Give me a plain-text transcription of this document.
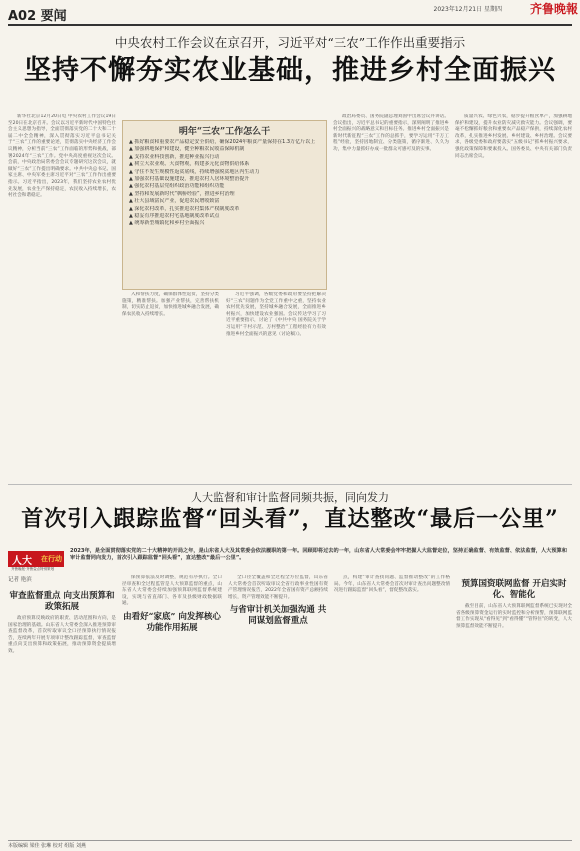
A02 要闻	2023年12月21日 星期四 齐鲁晚報
中央农村工作会议在京召开，习近平对“三农”工作作出重要指示
坚持不懈夯实农业基础，推进乡村全面振兴

新华社北京12月20日电 中央农村工作会议19日至20日在北京召开。会议以习近平新时代中国特色社会主义思想为指导，全面贯彻落实党的二十大和二十届二中全会精神，深入贯彻落实习近平总书记关于“三农”工作的重要论述，贯彻落实中央经济工作会议精神，分析当前“三农”工作面临的形势和挑战，部署2024年“三农”工作。党中央高度重视这次会议。会前，中央政治局常委会会议专题研究这次会议，就做好“三农”工作提出明确要求。中共中央总书记、国家主席、中央军委主席习近平对“三农”工作作出重要指示。习近平指出，2023年，我们坚持农业农村优先发展，农业生产保持稳定，农民收入持续增长，农村社会和谐稳定。

明年“三农”工作怎么干
▲ 抓好粮食和重要农产品稳定安全供给，确保2024年粮食产量保持在1.3万亿斤以上
▲ 加强耕地保护和建设，健全种粮农民收益保障机制
▲ 支持农业科技创新，推进种业振兴行动
▲ 树立大农业观、大食物观，构建多元化食物供给体系
▲ 守住不发生规模性返贫底线，持续增强脱贫地区内生动力
▲ 加强农村基础设施建设，推进农村人居环境整治提升
▲ 强化农村基层党组织政治功能和组织功能
▲ 坚持和发展新时代“枫桥经验”，推进乡村治理
▲ 壮大县域富民产业，促进农民增收致富
▲ 深化农村改革，扎实推进农村集体产权制度改革
▲ 稳妥有序推进农村宅基地制度改革试点
▲ 统筹新型城镇化和乡村全面振兴

入和帮扶力度，确保群体性返贫，坚持分类施策，精准帮扶。加强产业帮扶，完善帮扶机制，切实防止返贫，加快推进城乡融合发展，确保农民收入持续增长。

习近平强调，各级党委和政府要坚持把解决好“三农”问题作为全党工作重中之重，坚持农业农村优先发展，坚持城乡融合发展，全面推进乡村振兴，加快建设农业强国。会议传达学习了习近平重要指示，讨论了《中共中央 国务院关于学习运用“千村示范、万村整治”工程经验有力有效推进乡村全面振兴的意见（讨论稿）》。

政治局委员、国务院副总理刘国中出席会议并讲话。会议指出，习近平总书记的重要指示，深刻阐明了推进乡村全面振兴的战略意义和目标任务。推进乡村全面振兴是新时代新征程“三农”工作的总抓手，要学习运用“千万工程”经验，坚持因地制宜、分类施策，循序渐进、久久为功，集中力量抓好办成一批群众可感可及的实事。

质量兴农、绿色兴农，稳步提升粮食单产，加强耕地保护和建设，提升农业防灾减灾救灾能力。会议强调，要毫不松懈抓好粮食和重要农产品稳产保供，持续深化农村改革，扎实推进乡村发展、乡村建设、乡村治理。会议要求，各级党委和政府要落实“五级书记”抓乡村振兴要求，强化政策保障和要素投入。国务委员、中央有关部门负责同志出席会议。

人大监督和审计监督同频共振，同向发力
首次引入跟踪监督“回头看”，直达整改“最后一公里”
人大 在行动
齐鲁晚报·齐鲁壹点特别策划
2023年，是全面贯彻落实党的二十大精神的开局之年，是山东省人大及其常委会依法履职的第一年。回顾即将过去的一年，山东省人大常委会牢牢把握人大监督定位，坚持正确监督、有效监督、依法监督，人大预算和审计监督同向发力，首次引入跟踪监督“回头看”，直达整改“最后一公里”。
记者 艳滨
审查监督重点 向支出预算和政策拓展

政府预算反映政府的职责、活动范围和方向，是国家治理的基础。山东省人大常委会深入推进预算审查监督改革，首次听取审议全口径预算执行情况报告，连续两年开展专项审计整改跟踪监督，审查监督重点向支出预算和政策拓展，推动预算资金提质增效。

保预算依法及时调整，规范有序执行。全口径审查和全过程监管是人大预算监督的重点，山东省人大常委会持续加强预算联网监督系统建设，实现与省直部门、各市及县级财政数据联通。

由看好“家底” 向发挥核心功能作用拓展

全口径全覆盖和全过程全方位监督，山东省人大常委会首次听取审议全省行政事业性国有资产管理情况报告，2022年全省国有资产总额持续增长，资产管理效能不断提升。

与省审计机关加强沟通 共同谋划监督重点

点，构建“审计查找问题、监督推动整改”的工作格局。今年，山东省人大常委会首次对审计查出问题整改情况进行跟踪监督“回头看”，督促整改落实。

预算国资联网监督 开启实时化、智能化

截至目前，山东省人大预算联网监督系统已实现对全省各级预算资金运行的实时监控和分析预警，预算联网监督工作实现从“看得见”到“看得懂”“管得住”的转变，人大预算监督效能不断提升。

本版编辑 梁佳 张琳 校对 组版 刘燕
